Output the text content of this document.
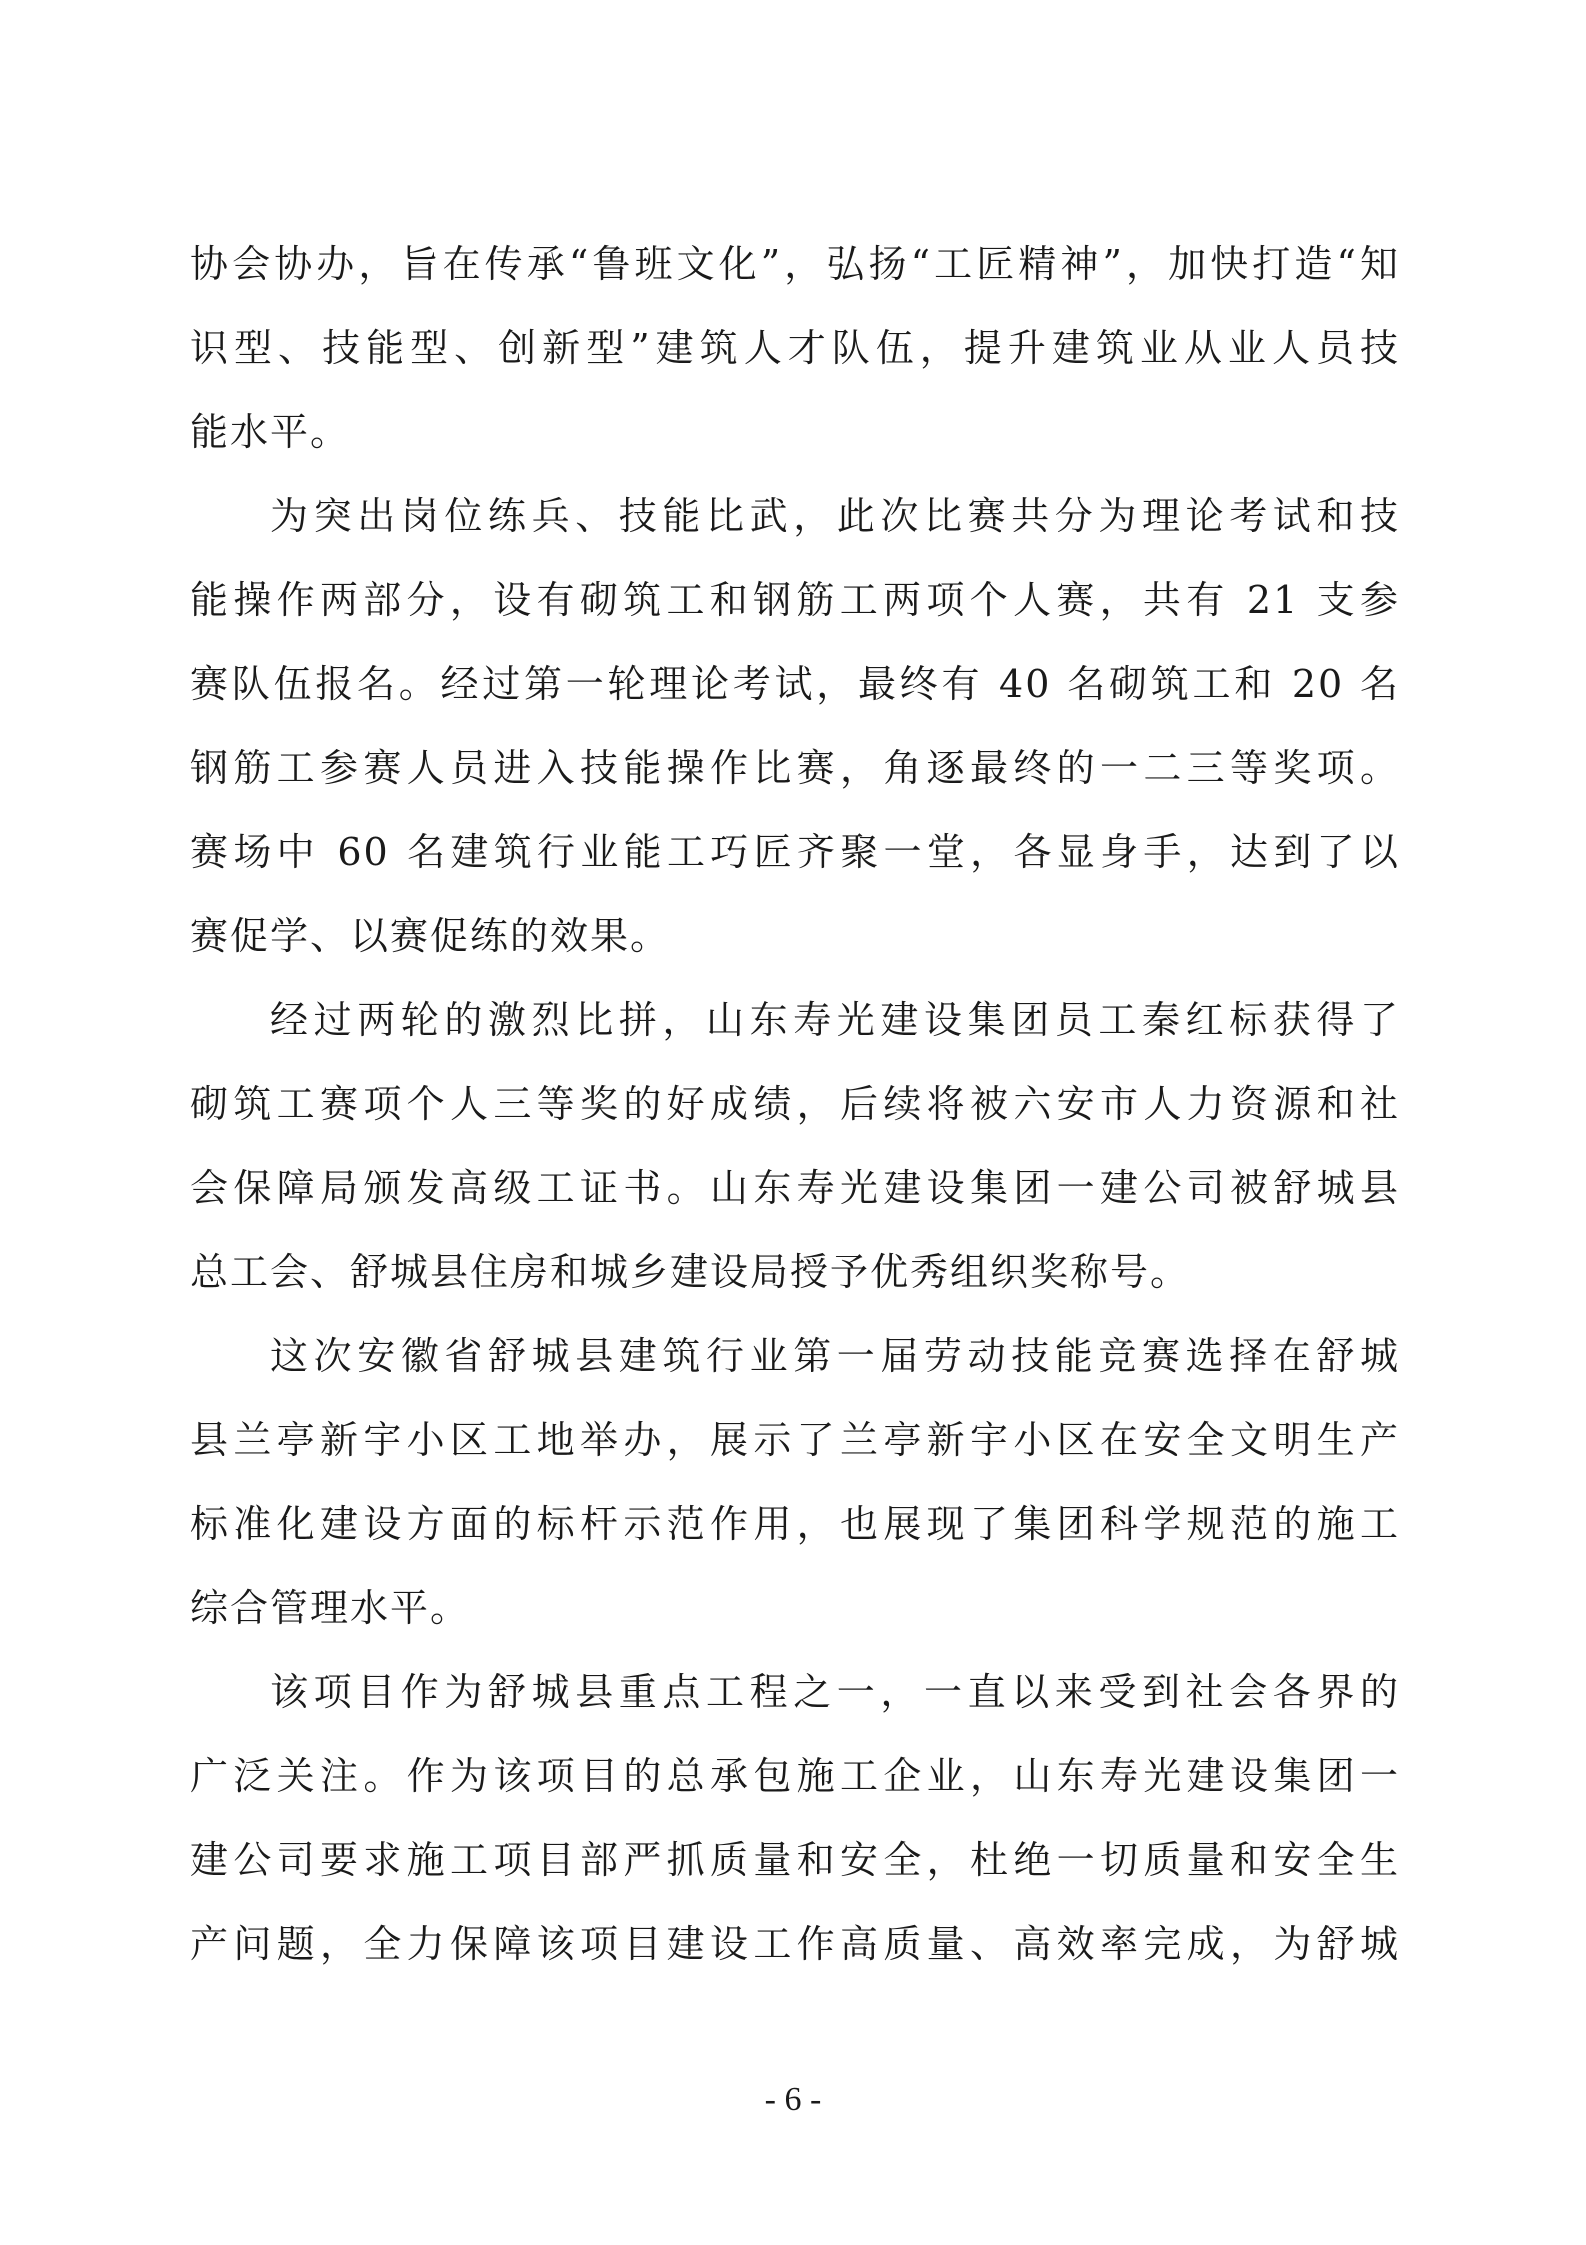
协会协办，旨在传承“鲁班文化”，弘扬“工匠精神”，加快打造“知
识型、技能型、创新型”建筑人才队伍，提升建筑业从业人员技
能水平。
为突出岗位练兵、技能比武，此次比赛共分为理论考试和技
能操作两部分，设有砌筑工和钢筋工两项个人赛，共有 21 支参
赛队伍报名。经过第一轮理论考试，最终有 40 名砌筑工和 20 名
钢筋工参赛人员进入技能操作比赛，角逐最终的一二三等奖项。
赛场中 60 名建筑行业能工巧匠齐聚一堂，各显身手，达到了以
赛促学、以赛促练的效果。
经过两轮的激烈比拼，山东寿光建设集团员工秦红标获得了
砌筑工赛项个人三等奖的好成绩，后续将被六安市人力资源和社
会保障局颁发高级工证书。山东寿光建设集团一建公司被舒城县
总工会、舒城县住房和城乡建设局授予优秀组织奖称号。
这次安徽省舒城县建筑行业第一届劳动技能竞赛选择在舒城
县兰亭新宇小区工地举办，展示了兰亭新宇小区在安全文明生产
标准化建设方面的标杆示范作用，也展现了集团科学规范的施工
综合管理水平。
该项目作为舒城县重点工程之一，一直以来受到社会各界的
广泛关注。作为该项目的总承包施工企业，山东寿光建设集团一
建公司要求施工项目部严抓质量和安全，杜绝一切质量和安全生
产问题，全力保障该项目建设工作高质量、高效率完成，为舒城
- 6 -
